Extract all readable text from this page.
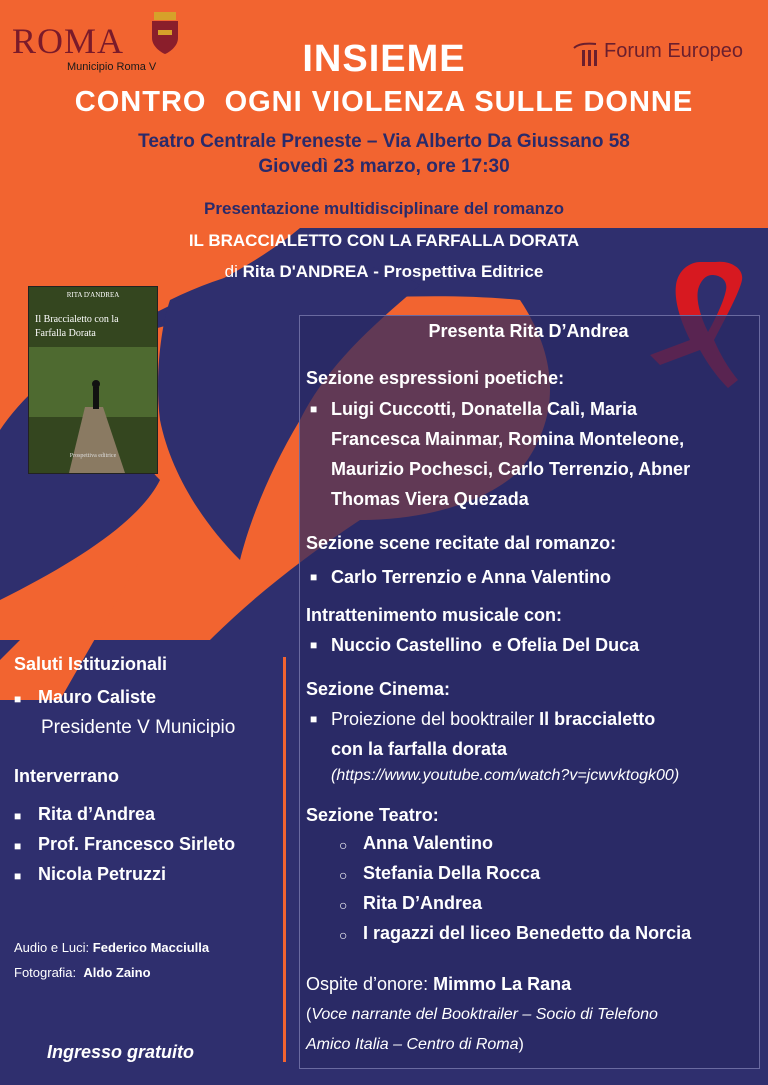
ROMA
Municipio Roma V
Forum Europeo
INSIEME
CONTRO  OGNI VIOLENZA SULLE DONNE
Teatro Centrale Preneste – Via Alberto Da Giussano 58
Giovedì 23 marzo, ore 17:30
Presentazione multidisciplinare del romanzo
IL BRACCIALETTO CON LA FARFALLA DORATA
di Rita D'ANDREA - Prospettiva Editrice
RITA D'ANDREA
Il Braccialetto con la Farfalla Dorata
Prospettiva editrice
Presenta Rita D’Andrea
Sezione espressioni poetiche:
■ Luigi Cuccotti, Donatella Calì, Maria
Francesca Mainmar, Romina Monteleone,
Maurizio Pochesci, Carlo Terrenzio, Abner
Thomas Viera Quezada
Sezione scene recitate dal romanzo:
■ Carlo Terrenzio e Anna Valentino
Intrattenimento musicale con:
■ Nuccio Castellino  e Ofelia Del Duca
Sezione Cinema:
■ Proiezione del booktrailer Il braccialetto
con la farfalla dorata
(https://www.youtube.com/watch?v=jcwvktogk00)
Sezione Teatro:
○ Anna Valentino
○ Stefania Della Rocca
○ Rita D’Andrea
○ I ragazzi del liceo Benedetto da Norcia
Ospite d’onore: Mimmo La Rana
(Voce narrante del Booktrailer – Socio di Telefono
Amico Italia – Centro di Roma)
Saluti Istituzionali
■ Mauro Caliste
Presidente V Municipio
Interverrano
■ Rita d’Andrea
■ Prof. Francesco Sirleto
■ Nicola Petruzzi
Audio e Luci: Federico Macciulla
Fotografia: Aldo Zaino
Ingresso gratuito
